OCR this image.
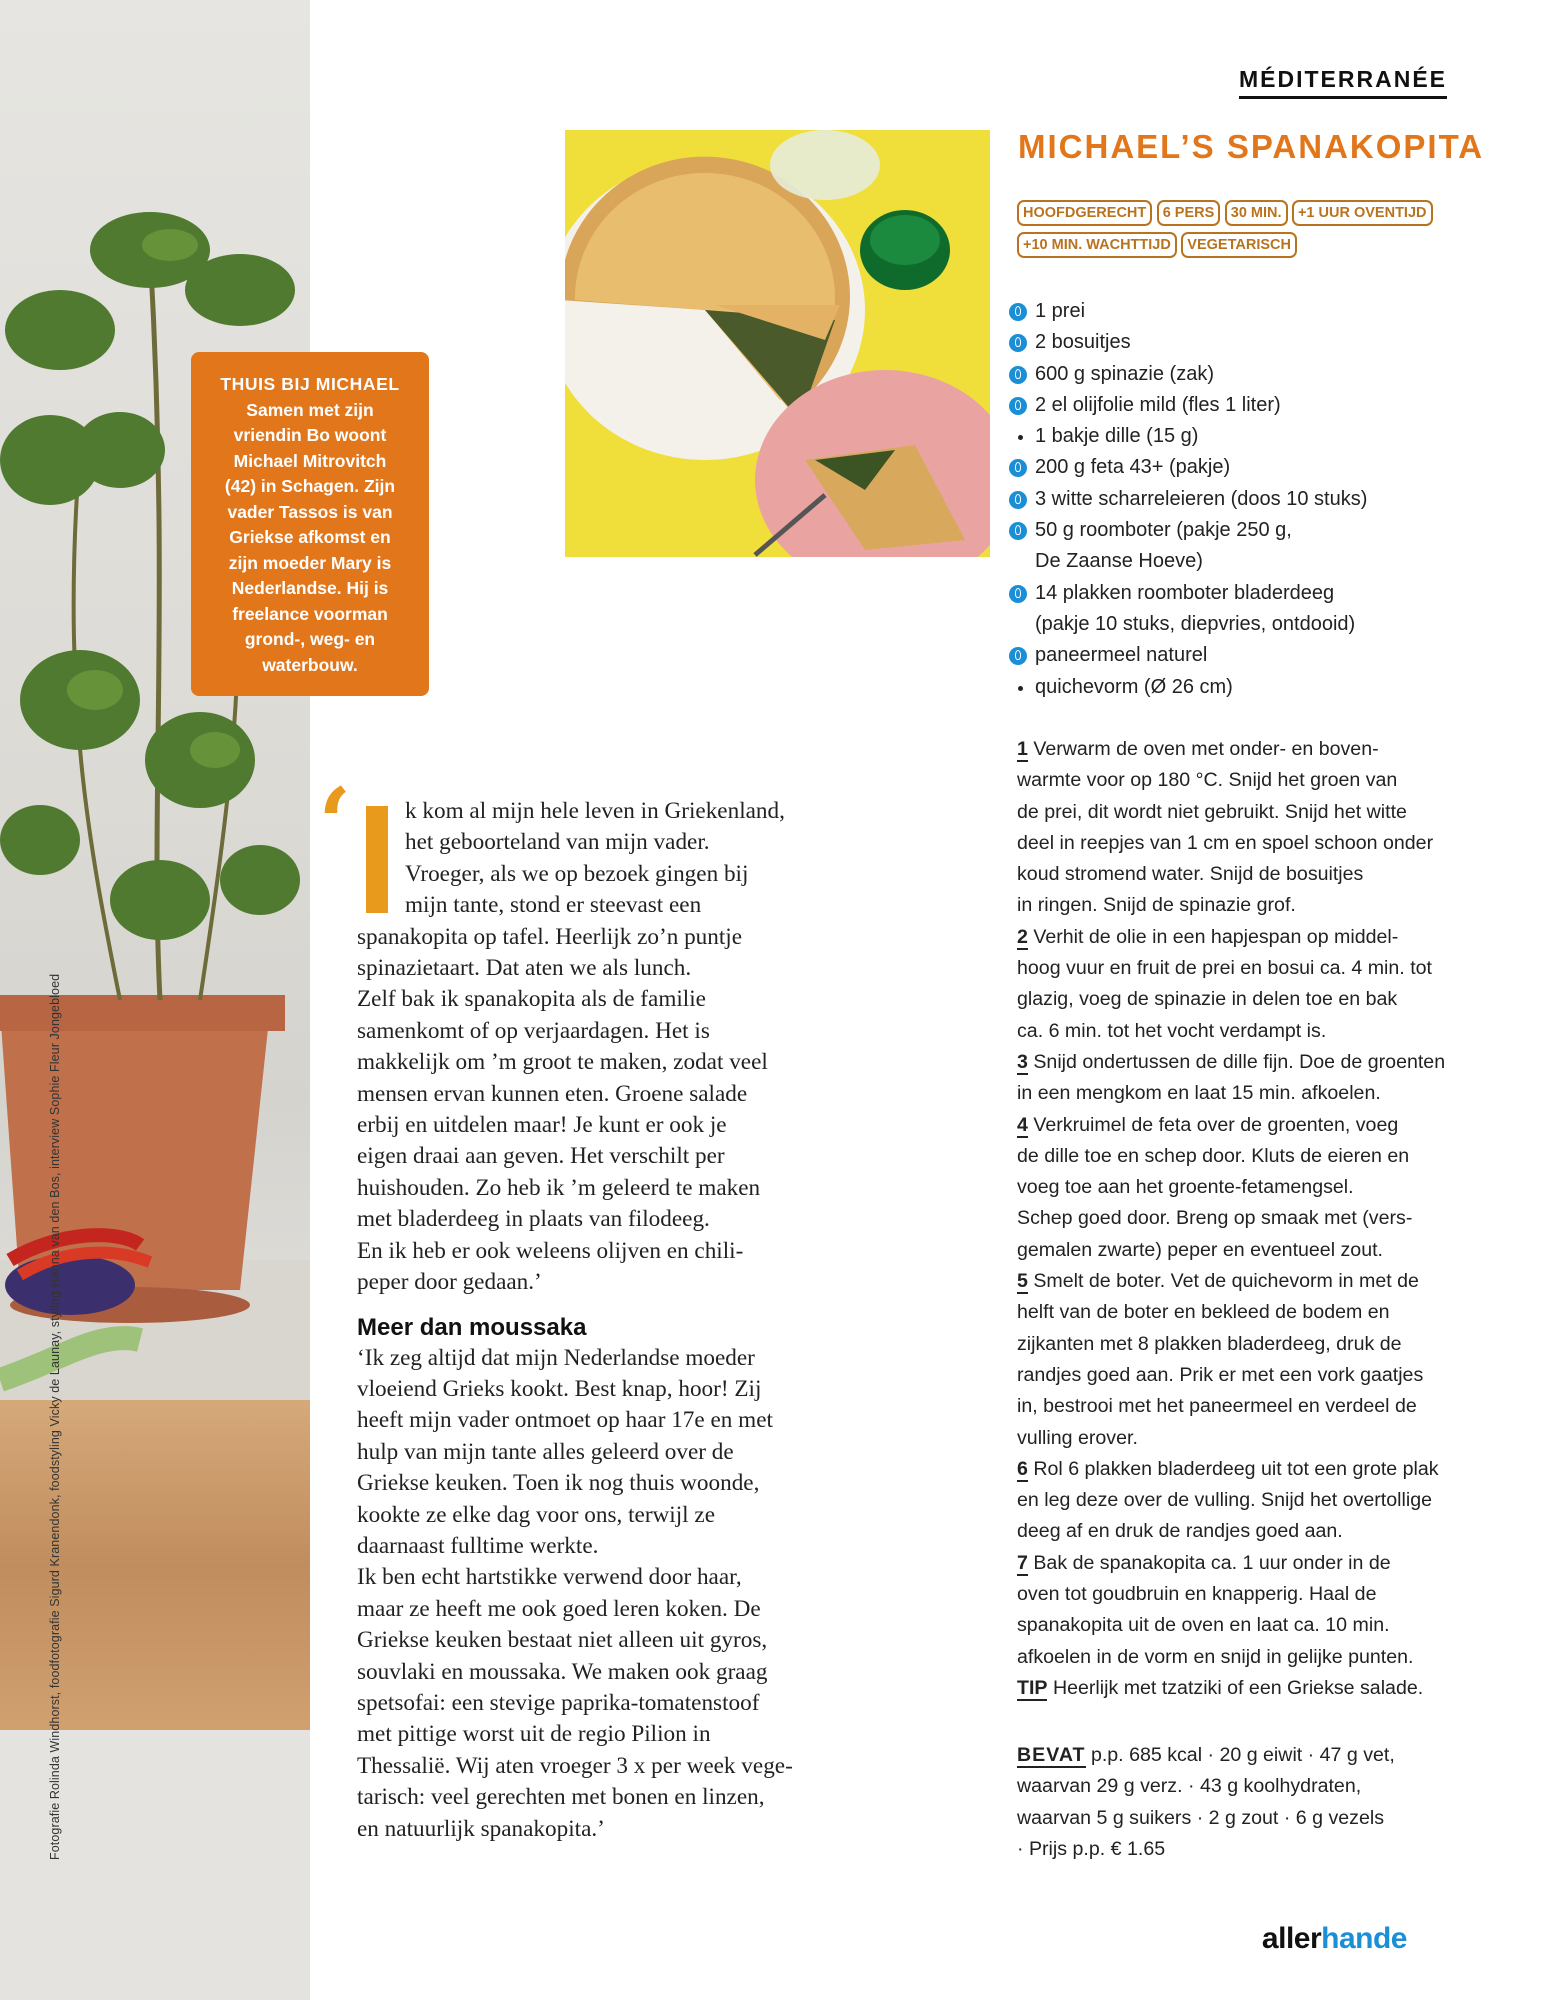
Fotografie Rolinda Windhorst, foodfotografie Sigurd Kranendonk, foodstyling Vicky de Launay, styling Hanna van den Bos, interview Sophie Fleur Jongebloed
THUIS BIJ MICHAEL
Samen met zijn
vriendin Bo woont
Michael Mitrovitch
(42) in Schagen. Zijn
vader Tassos is van
Griekse afkomst en
zijn moeder Mary is
Nederlandse. Hij is
freelance voorman
grond-, weg- en
waterbouw.
MÉDITERRANÉE
MICHAEL’S SPANAKOPITA
HOOFDGERECHT 6 PERS 30 MIN. +1 UUR OVENTIJD
+10 MIN. WACHTTIJD VEGETARISCH
1 prei
2 bosuitjes
600 g spinazie (zak)
2 el olijfolie mild (fles 1 liter)
1 bakje dille (15 g)
200 g feta 43+ (pakje)
3 witte scharreleieren (doos 10 stuks)
50 g roomboter (pakje 250 g,
De Zaanse Hoeve)
14 plakken roomboter bladerdeeg
(pakje 10 stuks, diepvries, ontdooid)
paneermeel naturel
quichevorm (Ø 26 cm)

1 Verwarm de oven met onder- en boven-

warmte voor op 180 °C. Snijd het groen van

de prei, dit wordt niet gebruikt. Snijd het witte

deel in reepjes van 1 cm en spoel schoon onder

koud stromend water. Snijd de bosuitjes

in ringen. Snijd de spinazie grof.

2 Verhit de olie in een hapjespan op middel-

hoog vuur en fruit de prei en bosui ca. 4 min. tot

glazig, voeg de spinazie in delen toe en bak

ca. 6 min. tot het vocht verdampt is.

3 Snijd ondertussen de dille fijn. Doe de groenten

in een mengkom en laat 15 min. afkoelen.

4 Verkruimel de feta over de groenten, voeg

de dille toe en schep door. Kluts de eieren en

voeg toe aan het groente-fetamengsel.

Schep goed door. Breng op smaak met (vers-

gemalen zwarte) peper en eventueel zout.

5 Smelt de boter. Vet de quichevorm in met de

helft van de boter en bekleed de bodem en

zijkanten met 8 plakken bladerdeeg, druk de

randjes goed aan. Prik er met een vork gaatjes

in, bestrooi met het paneermeel en verdeel de

vulling erover.

6 Rol 6 plakken bladerdeeg uit tot een grote plak

en leg deze over de vulling. Snijd het overtollige

deeg af en druk de randjes goed aan.

7 Bak de spanakopita ca. 1 uur onder in de

oven tot goudbruin en knapperig. Haal de

spanakopita uit de oven en laat ca. 10 min.

afkoelen in de vorm en snijd in gelijke punten.

TIP Heerlijk met tzatziki of een Griekse salade.

BEVAT p.p. 685 kcal · 20 g eiwit · 47 g vet,
waarvan 29 g verz. · 43 g koolhydraten,
waarvan 5 g suikers · 2 g zout · 6 g vezels
· Prijs p.p. € 1.65
‘	k kom al mijn hele leven in Griekenland,

het geboorteland van mijn vader.

Vroeger, als we op bezoek gingen bij

mijn tante, stond er steevast een

spanakopita op tafel. Heerlijk zo’n puntje

spinazietaart. Dat aten we als lunch.

Zelf bak ik spanakopita als de familie

samenkomt of op verjaardagen. Het is

makkelijk om ’m groot te maken, zodat veel

mensen ervan kunnen eten. Groene salade

erbij en uitdelen maar! Je kunt er ook je

eigen draai aan geven. Het verschilt per

huishouden. Zo heb ik ’m geleerd te maken

met bladerdeeg in plaats van filodeeg.

En ik heb er ook weleens olijven en chili-

peper door gedaan.’

Meer dan moussaka

‘Ik zeg altijd dat mijn Nederlandse moeder

vloeiend Grieks kookt. Best knap, hoor! Zij

heeft mijn vader ontmoet op haar 17e en met

hulp van mijn tante alles geleerd over de

Griekse keuken. Toen ik nog thuis woonde,

kookte ze elke dag voor ons, terwijl ze

daarnaast fulltime werkte.

Ik ben echt hartstikke verwend door haar,

maar ze heeft me ook goed leren koken. De

Griekse keuken bestaat niet alleen uit gyros,

souvlaki en moussaka. We maken ook graag

spetsofai: een stevige paprika-tomatenstoof

met pittige worst uit de regio Pilion in

Thessalië. Wij aten vroeger 3 x per week vege-

tarisch: veel gerechten met bonen en linzen,

en natuurlijk spanakopita.’

allerhande
